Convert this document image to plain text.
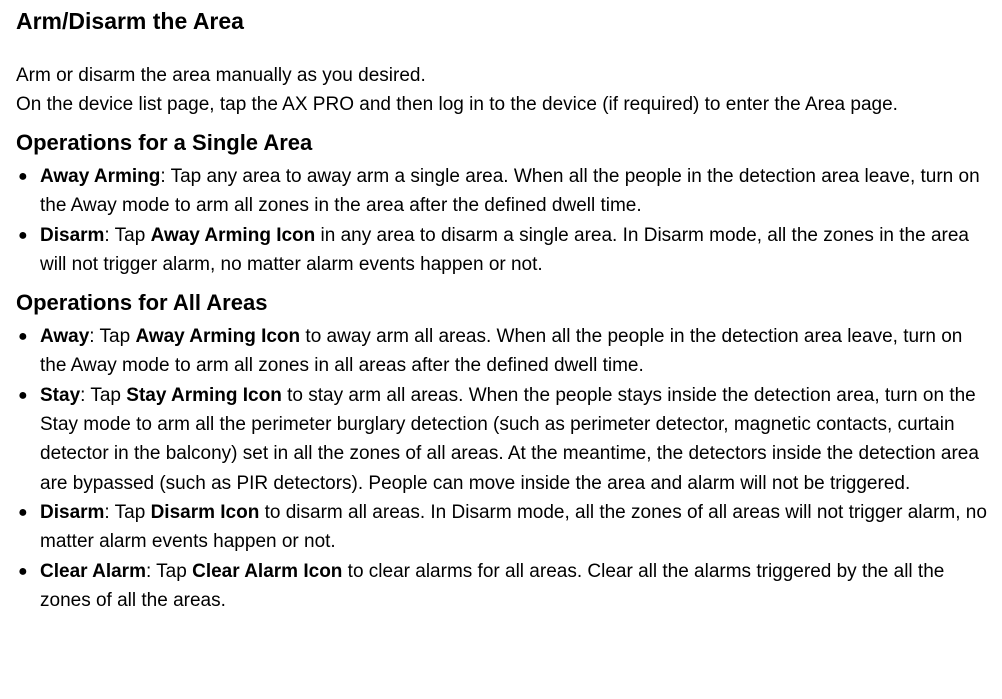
Arm/Disarm the Area

Arm or disarm the area manually as you desired.

On the device list page, tap the AX PRO and then log in to the device (if required) to enter the Area page.

Operations for a Single Area
● Away Arming: Tap any area to away arm a single area. When all the people in the detection area leave, turn on the Away mode to arm all zones in the area after the defined dwell time.
● Disarm: Tap Away Arming Icon in any area to disarm a single area. In Disarm mode, all the zones in the area will not trigger alarm, no matter alarm events happen or not.
Operations for All Areas
● Away: Tap Away Arming Icon to away arm all areas. When all the people in the detection area leave, turn on the Away mode to arm all zones in all areas after the defined dwell time.
● Stay: Tap Stay Arming Icon to stay arm all areas. When the people stays inside the detection area, turn on the Stay mode to arm all the perimeter burglary detection (such as perimeter detector, magnetic contacts, curtain detector in the balcony) set in all the zones of all areas. At the meantime, the detectors inside the detection area are bypassed (such as PIR detectors). People can move inside the area and alarm will not be triggered.
● Disarm: Tap Disarm Icon to disarm all areas. In Disarm mode, all the zones of all areas will not trigger alarm, no matter alarm events happen or not.
● Clear Alarm: Tap Clear Alarm Icon to clear alarms for all areas. Clear all the alarms triggered by the all the zones of all the areas.
